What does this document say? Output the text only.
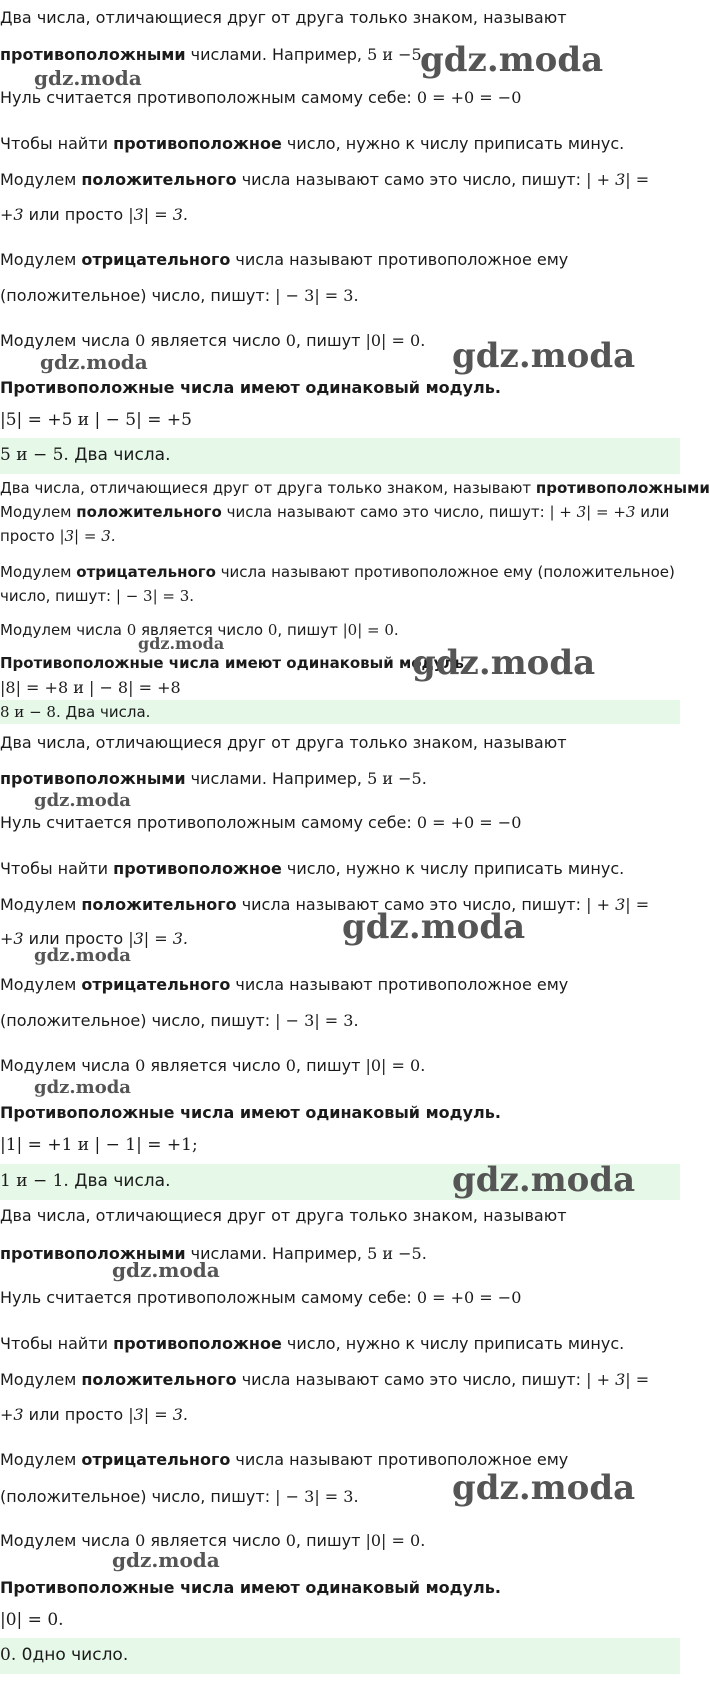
Два числа, отличающиеся друг от друга только знаком, называют
противоположными числами. Например, 5 и −5.
Нуль считается противоположным самому себе: 0 = +0 = −0
Чтобы найти противоположное число, нужно к числу приписать минус.
Модулем положительного числа называют само это число, пишут: | + 3| =
+3 или просто |3| = 3.
Модулем отрицательного числа называют противоположное ему
(положительное) число, пишут: | − 3| = 3.
Модулем числа 0 является число 0, пишут |0| = 0.
Противоположные числа имеют одинаковый модуль.
|5| = +5 и | − 5| = +5
5 и − 5. Два числа.
Два числа, отличающиеся друг от друга только знаком, называют противоположными
Модулем положительного числа называют само это число, пишут: | + 3| = +3 или
просто |3| = 3.
Модулем отрицательного числа называют противоположное ему (положительное)
число, пишут: | − 3| = 3.
Модулем числа 0 является число 0, пишут |0| = 0.
Противоположные числа имеют одинаковый модуль.
|8| = +8 и | − 8| = +8
8 и − 8. Два числа.
Два числа, отличающиеся друг от друга только знаком, называют
противоположными числами. Например, 5 и −5.
Нуль считается противоположным самому себе: 0 = +0 = −0
Чтобы найти противоположное число, нужно к числу приписать минус.
Модулем положительного числа называют само это число, пишут: | + 3| =
+3 или просто |3| = 3.
Модулем отрицательного числа называют противоположное ему
(положительное) число, пишут: | − 3| = 3.
Модулем числа 0 является число 0, пишут |0| = 0.
Противоположные числа имеют одинаковый модуль.
|1| = +1 и | − 1| = +1;
1 и − 1. Два числа.
Два числа, отличающиеся друг от друга только знаком, называют
противоположными числами. Например, 5 и −5.
Нуль считается противоположным самому себе: 0 = +0 = −0
Чтобы найти противоположное число, нужно к числу приписать минус.
Модулем положительного числа называют само это число, пишут: | + 3| =
+3 или просто |3| = 3.
Модулем отрицательного числа называют противоположное ему
(положительное) число, пишут: | − 3| = 3.
Модулем числа 0 является число 0, пишут |0| = 0.
Противоположные числа имеют одинаковый модуль.
|0| = 0.
0. 0дно число.
gdz.moda
gdz.moda
gdz.moda
gdz.moda
gdz.moda
gdz.moda
gdz.moda
gdz.moda
gdz.moda
gdz.moda
gdz.moda
gdz.moda
gdz.moda
gdz.moda
